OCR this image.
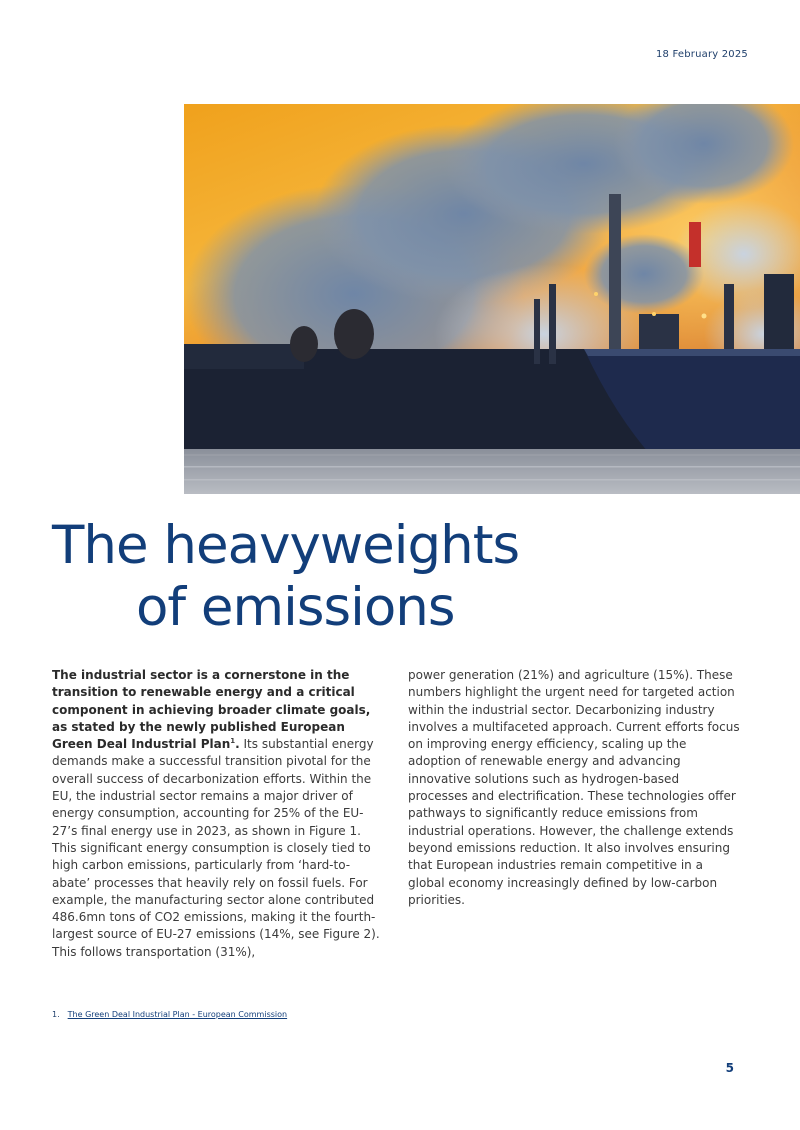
18 February 2025
The heavyweights
of emissions

The industrial sector is a cornerstone in the transition to renewable energy and a critical component in achieving broader climate goals, as stated by the newly published European Green Deal Industrial Plan$^1$. Its substantial energy demands make a successful transition pivotal for the overall success of decarbonization efforts. Within the EU, the industrial sector remains a major driver of energy consumption, accounting for 25% of the EU-27’s final energy use in 2023, as shown in Figure 1. This significant energy consumption is closely tied to high carbon emissions, particularly from ‘hard-to-abate’ processes that heavily rely on fossil fuels. For example, the manufacturing sector alone contributed 486.6mn tons of CO2 emissions, making it the fourth-largest source of EU-27 emissions (14%, see Figure 2). This follows transportation (31%),

power generation (21%) and agriculture (15%). These numbers highlight the urgent need for targeted action within the industrial sector. Decarbonizing industry involves a multifaceted approach. Current efforts focus on improving energy efficiency, scaling up the adoption of renewable energy and advancing innovative solutions such as hydrogen-based processes and electrification. These technologies offer pathways to significantly reduce emissions from industrial operations. However, the challenge extends beyond emissions reduction. It also involves ensuring that European industries remain competitive in a global economy increasingly defined by low-carbon priorities.

1. The Green Deal Industrial Plan - European Commission
5
